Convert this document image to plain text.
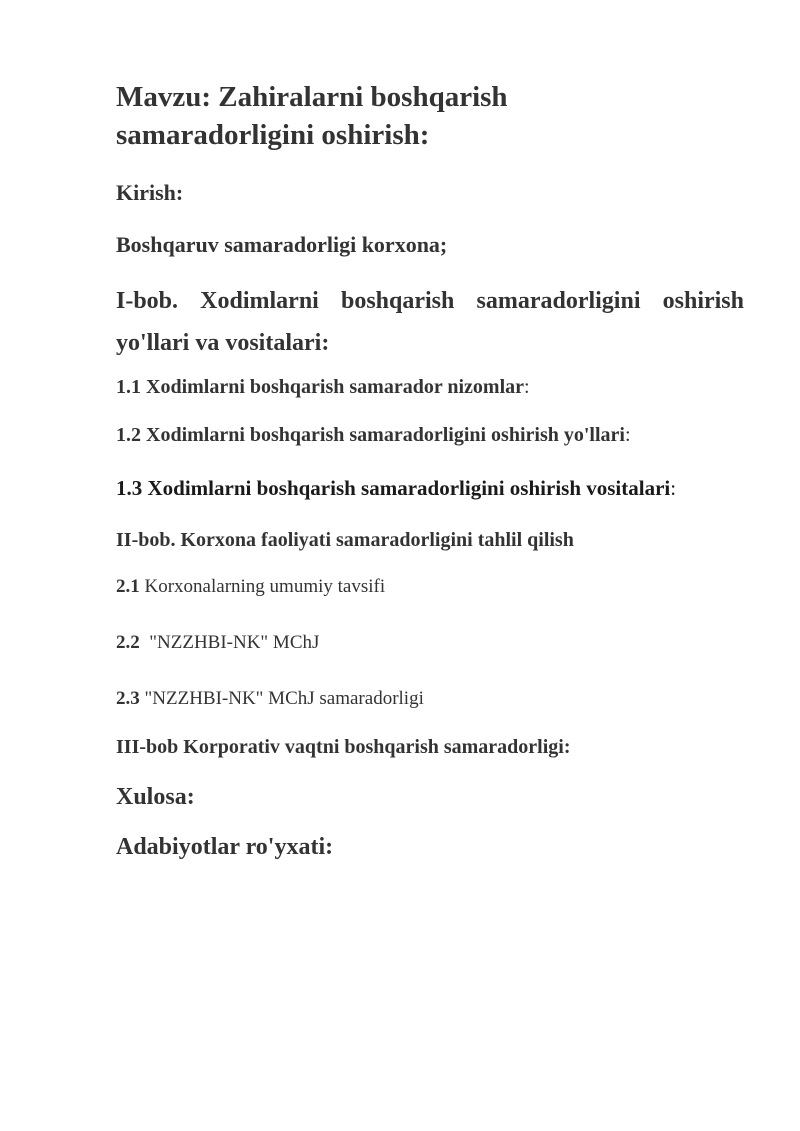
Mavzu: Zahiralarni boshqarish
samaradorligini oshirish:

Kirish:

Boshqaruv samaradorligi korxona;

I-bob. Xodimlarni boshqarish samaradorligini oshirish
yo'llari va vositalari:

1.1 Xodimlarni boshqarish samarador nizomlar:

1.2 Xodimlarni boshqarish samaradorligini oshirish yo'llari:

1.3 Xodimlarni boshqarish samaradorligini oshirish vositalari:

II-bob. Korxona faoliyati samaradorligini tahlil qilish

2.1 Korxonalarning umumiy tavsifi

2.2  "NZZHBI-NK" MChJ

2.3 "NZZHBI-NK" MChJ samaradorligi

III-bob Korporativ vaqtni boshqarish samaradorligi:

Xulosa:

Adabiyotlar ro'yxati:
